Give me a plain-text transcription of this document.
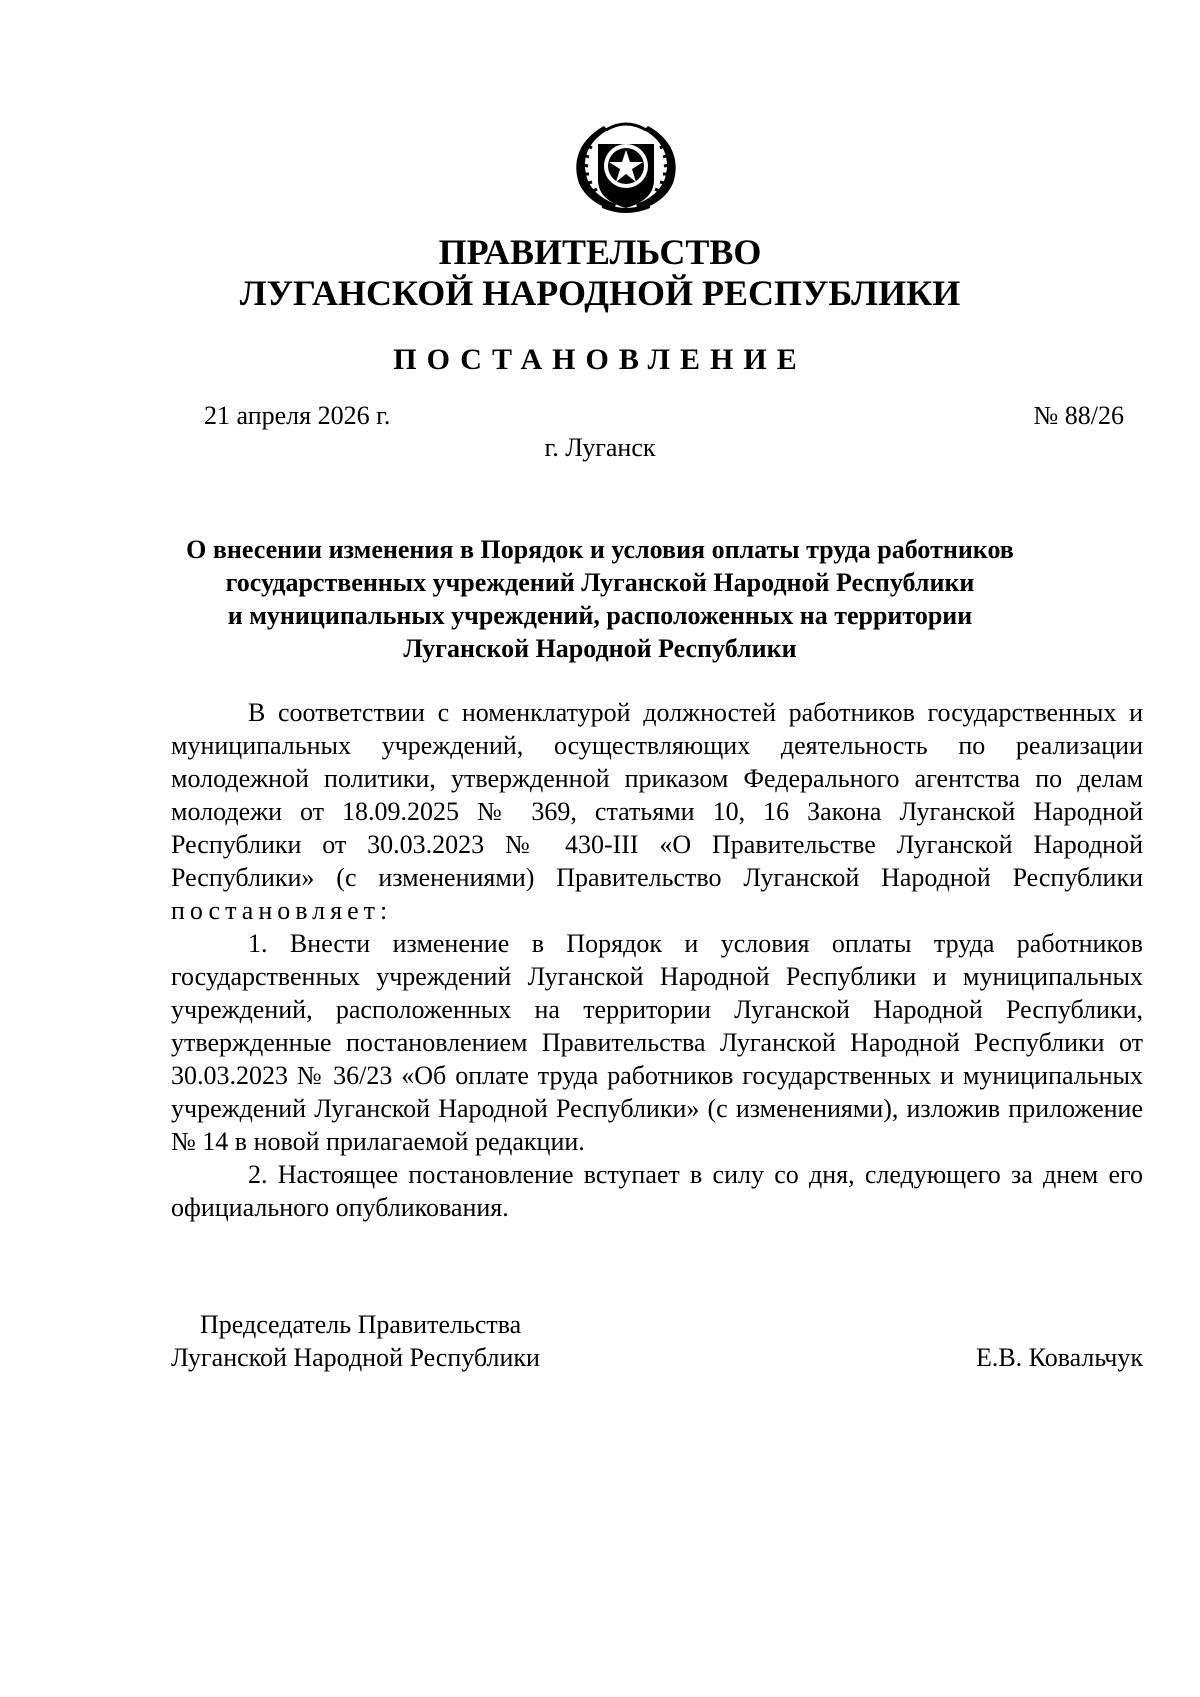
ПРАВИТЕЛЬСТВО
ЛУГАНСКОЙ НАРОДНОЙ РЕСПУБЛИКИ
ПОСТАНОВЛЕНИЕ
21 апреля 2026 г.	№ 88/26
г. Луганск
О внесении изменения в Порядок и условия оплаты труда работников
государственных учреждений Луганской Народной Республики
и муниципальных учреждений, расположенных на территории
Луганской Народной Республики

В соответствии с номенклатурой должностей работников государственных и муниципальных учреждений, осуществляющих деятельность по реализации молодежной политики, утвержденной приказом Федерального агентства по делам молодежи от 18.09.2025 № 369, статьями 10, 16 Закона Луганской Народной Республики от 30.03.2023 № 430-III «О Правительстве Луганской Народной Республики» (с изменениями) Правительство Луганской Народной Республики постановляет:

1. Внести изменение в Порядок и условия оплаты труда работников государственных учреждений Луганской Народной Республики и муниципальных учреждений, расположенных на территории Луганской Народной Республики, утвержденные постановлением Правительства Луганской Народной Республики от 30.03.2023 № 36/23 «Об оплате труда работников государственных и муниципальных учреждений Луганской Народной Республики» (с изменениями), изложив приложение № 14 в новой прилагаемой редакции.

2. Настоящее постановление вступает в силу со дня, следующего за днем его официального опубликования.

Председатель Правительства
Луганской Народной Республики	Е.В. Ковальчук
